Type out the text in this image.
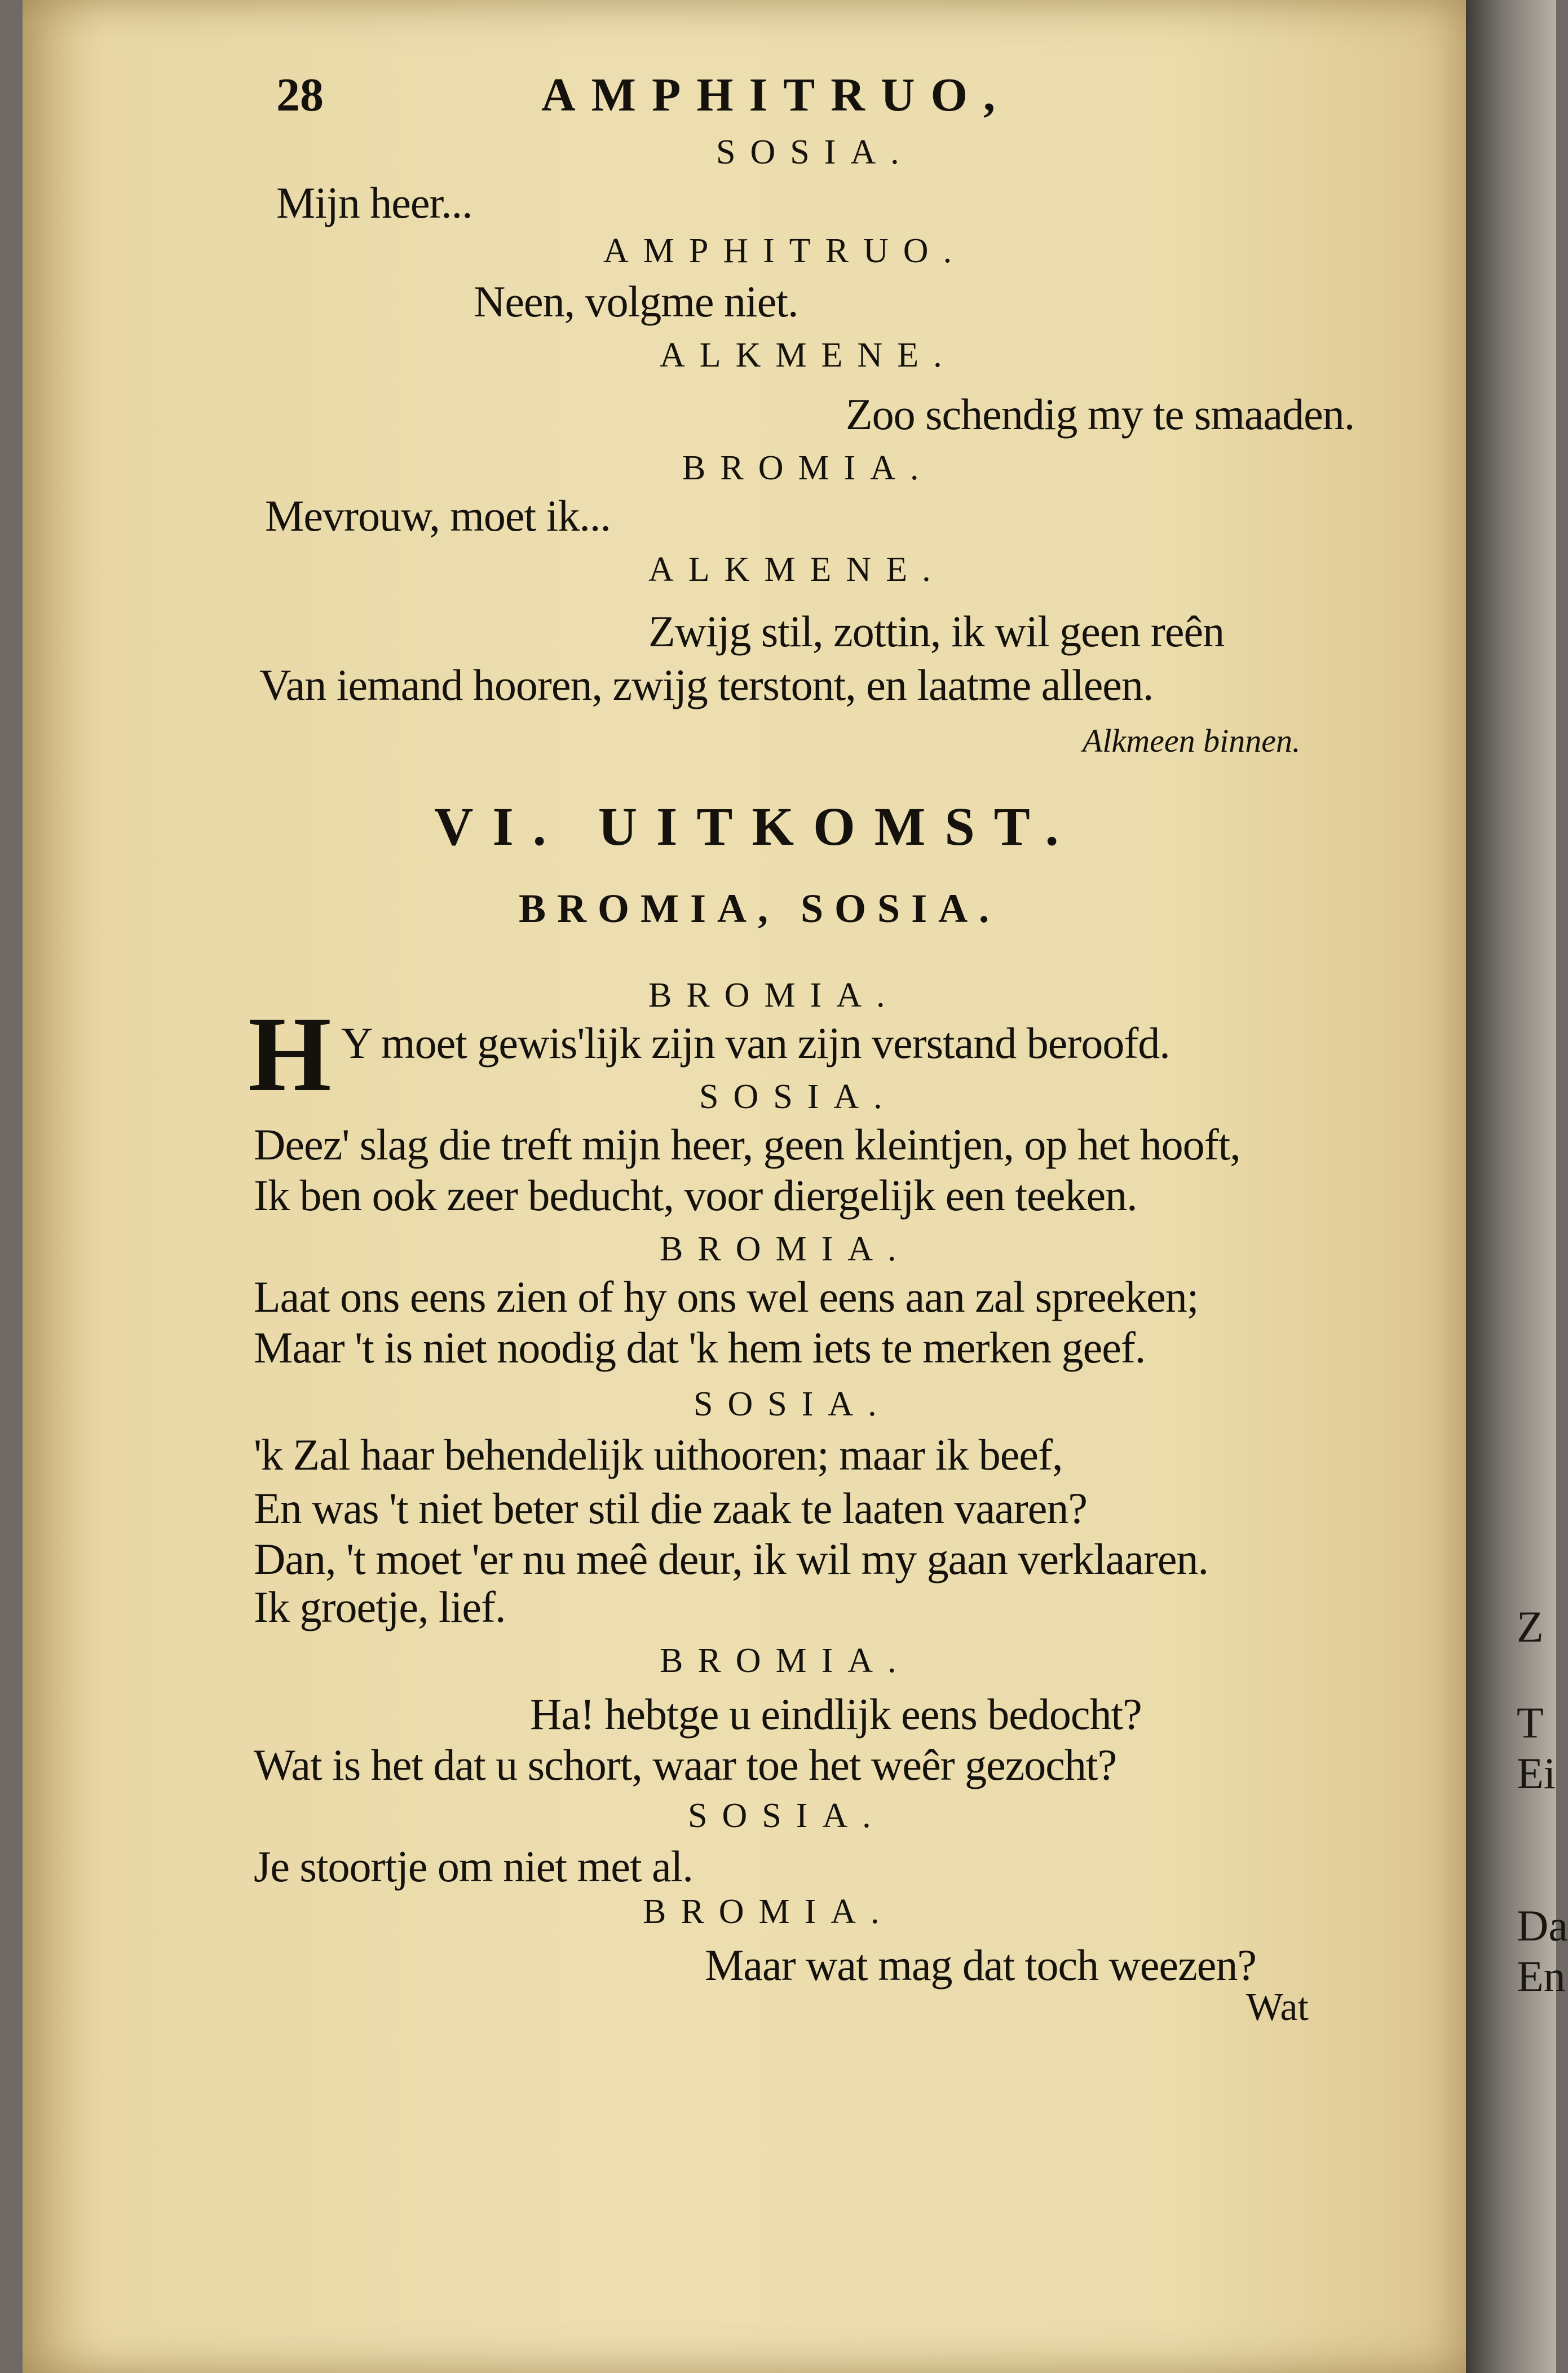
28	AMPHITRUO,
SOSIA.
Mijn heer...
AMPHITRUO.
Neen, volgme niet.
ALKMENE.
Zoo schendig my te smaaden.
BROMIA.
Mevrouw, moet ik...
ALKMENE.
Zwijg stil, zottin, ik wil geen reên
Van iemand hooren, zwijg terstont, en laatme alleen.
Alkmeen binnen.
VI. UITKOMST.
BROMIA, SOSIA.
BROMIA.
H Y moet gewis'lijk zijn van zijn verstand beroofd.
SOSIA.
Deez' slag die treft mijn heer, geen kleintjen, op het hooft,
Ik ben ook zeer beducht, voor diergelijk een teeken.
BROMIA.
Laat ons eens zien of hy ons wel eens aan zal spreeken;
Maar 't is niet noodig dat 'k hem iets te merken geef.
SOSIA.
'k Zal haar behendelijk uithooren; maar ik beef,
En was 't niet beter stil die zaak te laaten vaaren?
Dan, 't moet 'er nu meê deur, ik wil my gaan verklaaren.
Ik groetje, lief.
BROMIA.
Ha! hebtge u eindlijk eens bedocht?
Wat is het dat u schort, waar toe het weêr gezocht?
SOSIA.
Je stoortje om niet met al.
BROMIA.
Maar wat mag dat toch weezen?
Wat
Z
T
Ei
Da
En
